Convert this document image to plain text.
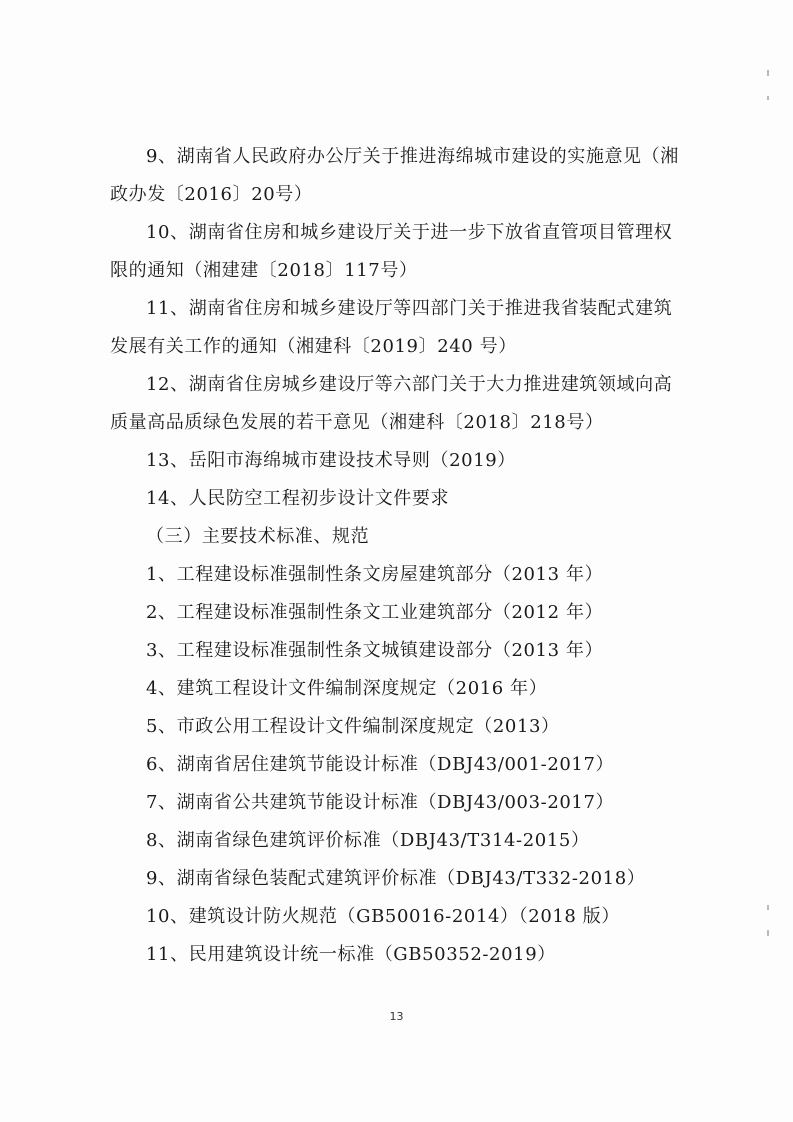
9、湖南省人民政府办公厅关于推进海绵城市建设的实施意见（湘政办发〔2016〕20号）

10、湖南省住房和城乡建设厅关于进一步下放省直管项目管理权限的通知（湘建建〔2018〕117号）

11、湖南省住房和城乡建设厅等四部门关于推进我省装配式建筑发展有关工作的通知（湘建科〔2019〕240 号）

12、湖南省住房城乡建设厅等六部门关于大力推进建筑领域向高质量高品质绿色发展的若干意见（湘建科〔2018〕218号）

13、岳阳市海绵城市建设技术导则（2019）

14、人民防空工程初步设计文件要求

（三）主要技术标准、规范

1、工程建设标准强制性条文房屋建筑部分（2013 年）

2、工程建设标准强制性条文工业建筑部分（2012 年）

3、工程建设标准强制性条文城镇建设部分（2013 年）

4、建筑工程设计文件编制深度规定（2016 年）

5、市政公用工程设计文件编制深度规定（2013）

6、湖南省居住建筑节能设计标准（DBJ43/001-2017）

7、湖南省公共建筑节能设计标准（DBJ43/003-2017）

8、湖南省绿色建筑评价标准（DBJ43/T314-2015）

9、湖南省绿色装配式建筑评价标准（DBJ43/T332-2018）

10、建筑设计防火规范（GB50016-2014）（2018 版）

11、民用建筑设计统一标准（GB50352-2019）

13
